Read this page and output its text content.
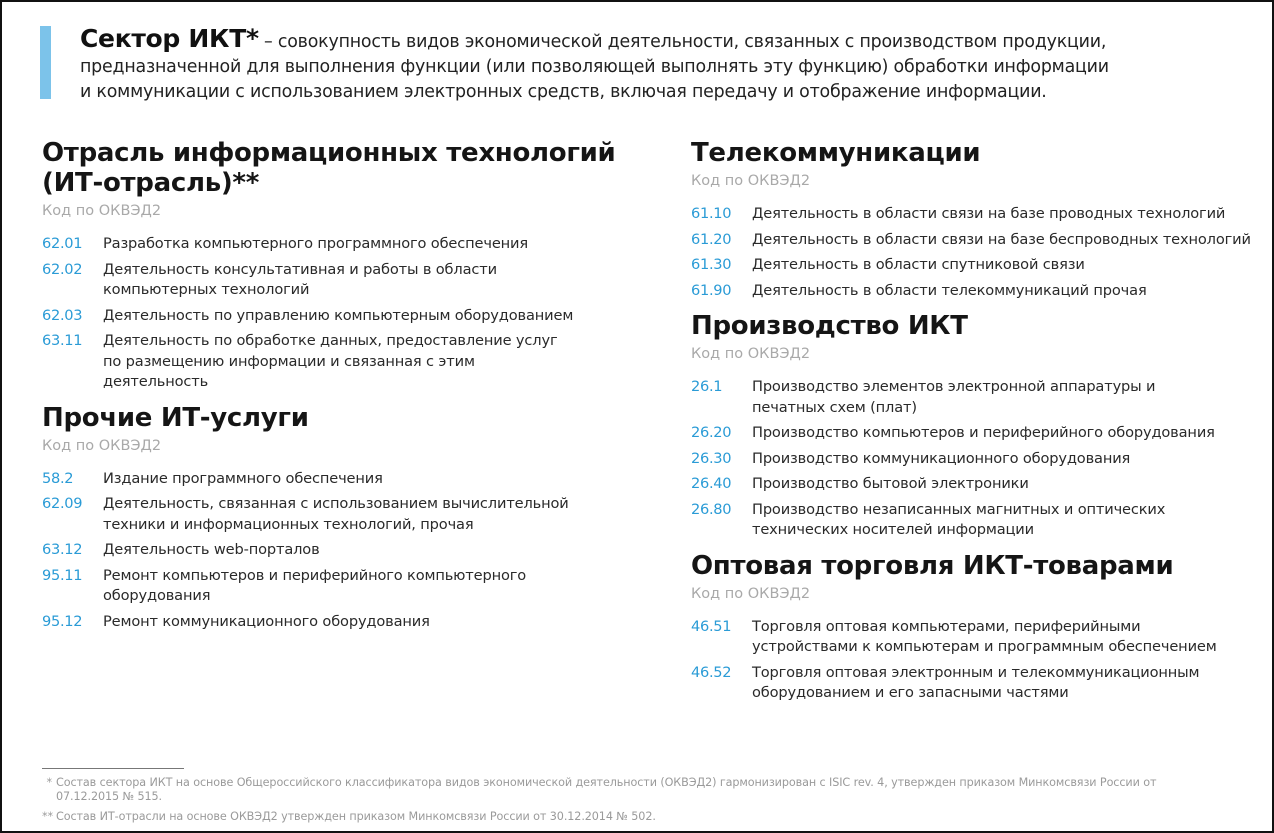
Сектор ИКТ* – совокупность видов экономической деятельности, связанных с производством продукции,
предназначенной для выполнения функции (или позволяющей выполнять эту функцию) обработки информации
и коммуникации с использованием электронных средств, включая передачу и отображение информации.
Отрасль информационных технологий
(ИТ-отрасль)**
Код по ОКВЭД2
62.01	Разработка компьютерного программного обеспечения
62.02	Деятельность консультативная и работы в области компьютерных технологий
62.03	Деятельность по управлению компьютерным оборудованием
63.11	Деятельность по обработке данных, предоставление услуг по размещению информации и связанная с этим деятельность
Прочие ИТ-услуги
Код по ОКВЭД2
58.2	Издание программного обеспечения
62.09	Деятельность, связанная с использованием вычислительной техники и информационных технологий, прочая
63.12	Деятельность web-порталов
95.11	Ремонт компьютеров и периферийного компьютерного оборудования
95.12	Ремонт коммуникационного оборудования
Телекоммуникации
Код по ОКВЭД2
61.10	Деятельность в области связи на базе проводных технологий
61.20	Деятельность в области связи на базе беспроводных технологий
61.30	Деятельность в области спутниковой связи
61.90	Деятельность в области телекоммуникаций прочая
Производство ИКТ
Код по ОКВЭД2
26.1	Производство элементов электронной аппаратуры и печатных схем (плат)
26.20	Производство компьютеров и периферийного оборудования
26.30	Производство коммуникационного оборудования
26.40	Производство бытовой электроники
26.80	Производство незаписанных магнитных и оптических технических носителей информации
Оптовая торговля ИКТ-товарами
Код по ОКВЭД2
46.51	Торговля оптовая компьютерами, периферийными устройствами к компьютерам и программным обеспечением
46.52	Торговля оптовая электронным и телекоммуникационным оборудованием и его запасными частями
* Состав сектора ИКТ на основе Общероссийского классификатора видов экономической деятельности (ОКВЭД2) гармонизирован с ISIC rev. 4, утвержден приказом Минкомсвязи России от 07.12.2015 № 515.
** Состав ИТ-отрасли на основе ОКВЭД2 утвержден приказом Минкомсвязи России от 30.12.2014 № 502.
